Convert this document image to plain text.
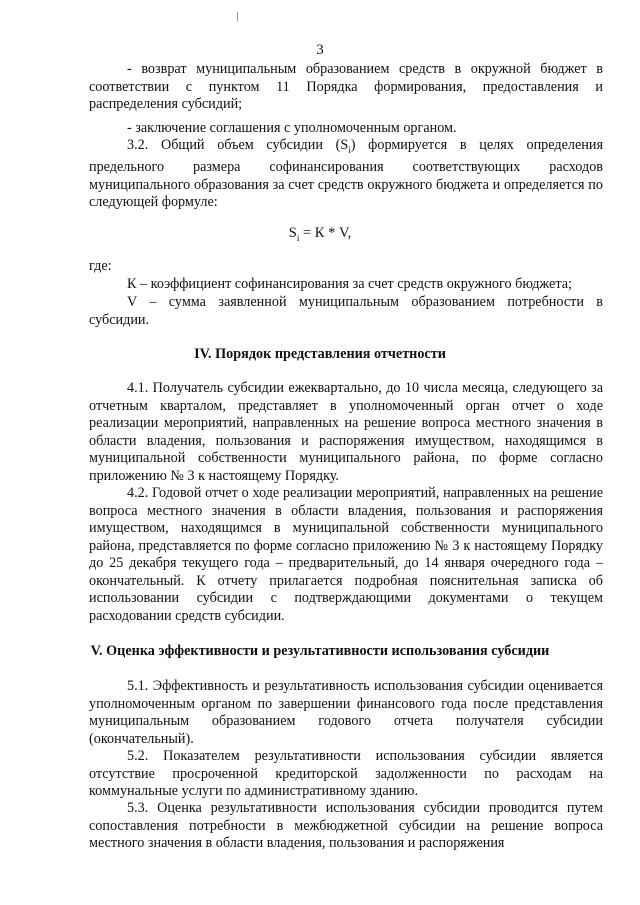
3

- возврат муниципальным образованием средств в окружной бюджет в соответствии с пунктом 11 Порядка формирования, предоставления и распределения субсидий;

- заключение соглашения с уполномоченным органом.

3.2. Общий объем субсидии $(S_i)$ формируется в целях определения предельного размера софинансирования соответствующих расходов муниципального образования за счет средств окружного бюджета и определяется по следующей формуле:

$S_i = К * V$,

где:

К – коэффициент софинансирования за счет средств окружного бюджета;

V – сумма заявленной муниципальным образованием потребности в субсидии.

IV. Порядок представления отчетности

4.1. Получатель субсидии ежеквартально, до 10 числа месяца, следующего за отчетным кварталом, представляет в уполномоченный орган отчет о ходе реализации мероприятий, направленных на решение вопроса местного значения в области владения, пользования и распоряжения имуществом, находящимся в муниципальной собственности муниципального района, по форме согласно приложению № 3 к настоящему Порядку.

4.2. Годовой отчет о ходе реализации мероприятий, направленных на решение вопроса местного значения в области владения, пользования и распоряжения имуществом, находящимся в муниципальной собственности муниципального района, представляется по форме согласно приложению № 3 к настоящему Порядку до 25 декабря текущего года – предварительный, до 14 января очередного года – окончательный. К отчету прилагается подробная пояснительная записка об использовании субсидии с подтверждающими документами о текущем расходовании средств субсидии.

V. Оценка эффективности и результативности использования субсидии

5.1. Эффективность и результативность использования субсидии оценивается уполномоченным органом по завершении финансового года после представления муниципальным образованием годового отчета получателя субсидии (окончательный).

5.2. Показателем результативности использования субсидии является отсутствие просроченной кредиторской задолженности по расходам на коммунальные услуги по административному зданию.

5.3. Оценка результативности использования субсидии проводится путем сопоставления потребности в межбюджетной субсидии на решение вопроса местного значения в области владения, пользования и распоряжения
